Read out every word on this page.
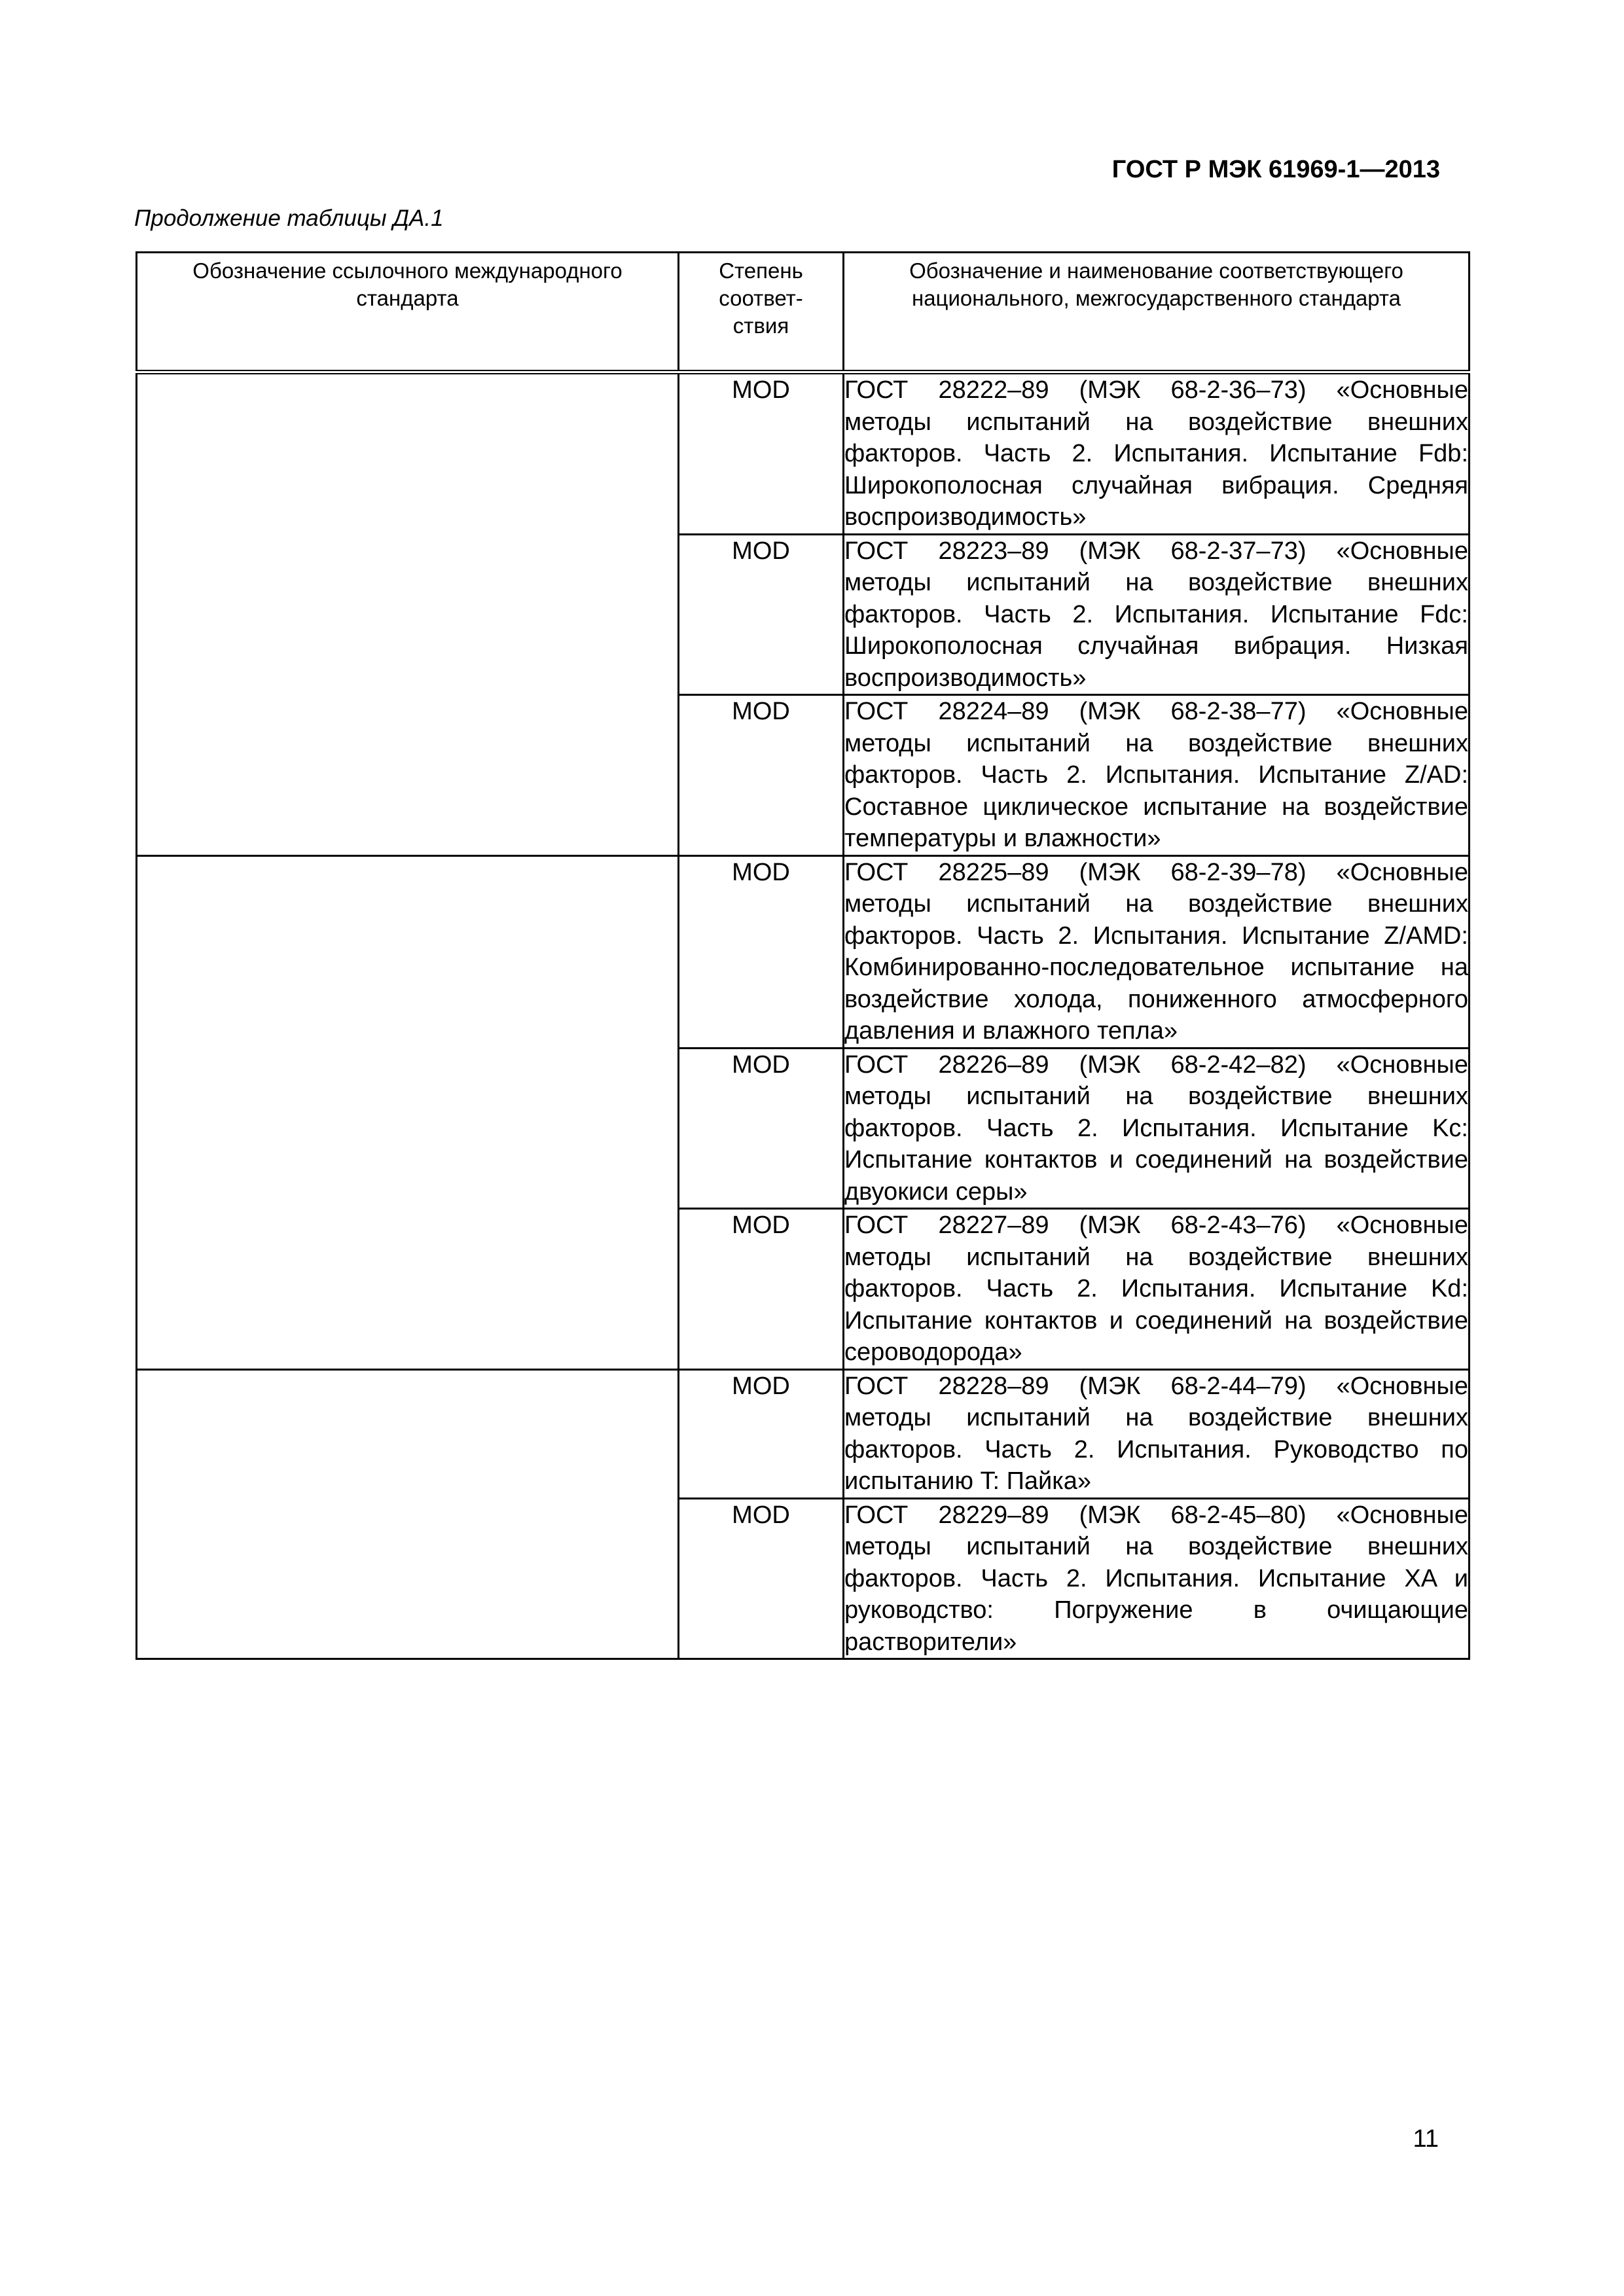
ГОСТ Р МЭК 61969-1—2013
Продолжение таблицы ДА.1
Обозначение ссылочного международного стандарта	Степень соответ- ствия	Обозначение и наименование соответствующего национального, межгосударственного стандарта
	MOD	ГОСТ 28222–89 (МЭК 68-2-36–73) «Основные методы испытаний на воздействие внешних факторов. Часть 2. Испытания. Испытание Fdb: Широкополосная случайная вибрация. Средняя воспроизводимость»
	MOD	ГОСТ 28223–89 (МЭК 68-2-37–73) «Основные методы испытаний на воздействие внешних факторов. Часть 2. Испытания. Испытание Fdc: Широкополосная случайная вибрация. Низкая воспроизводимость»
	MOD	ГОСТ 28224–89 (МЭК 68-2-38–77) «Основные методы испытаний на воздействие внешних факторов. Часть 2. Испытания. Испытание Z/AD: Составное циклическое испытание на воздействие температуры и влажности»
	MOD	ГОСТ 28225–89 (МЭК 68-2-39–78) «Основные методы испытаний на воздействие внешних факторов. Часть 2. Испытания. Испытание Z/AMD: Комбинированно-последовательное испытание на воздействие холода, пониженного атмосферного давления и влажного тепла»
	MOD	ГОСТ 28226–89 (МЭК 68-2-42–82) «Основные методы испытаний на воздействие внешних факторов. Часть 2. Испытания. Испытание Kc: Испытание контактов и соединений на воздействие двуокиси серы»
	MOD	ГОСТ 28227–89 (МЭК 68-2-43–76) «Основные методы испытаний на воздействие внешних факторов. Часть 2. Испытания. Испытание Kd: Испытание контактов и соединений на воздействие сероводорода»
	MOD	ГОСТ 28228–89 (МЭК 68-2-44–79) «Основные методы испытаний на воздействие внешних факторов. Часть 2. Испытания. Руководство по испытанию T: Пайка»
	MOD	ГОСТ 28229–89 (МЭК 68-2-45–80) «Основные методы испытаний на воздействие внешних факторов. Часть 2. Испытания. Испытание XA и руководство: Погружение в очищающие растворители»
11
